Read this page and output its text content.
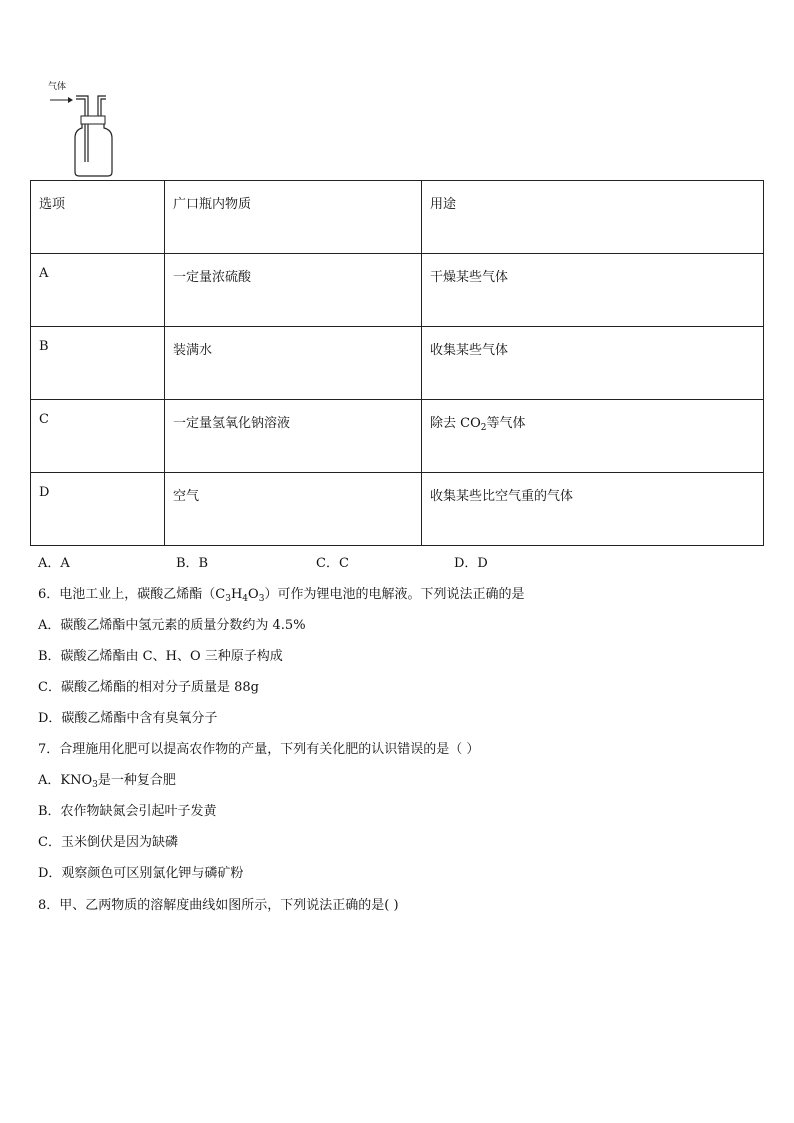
气体
选项	广口瓶内物质	用途
A	一定量浓硫酸	干燥某些气体
B	装满水	收集某些气体
C	一定量氢氧化钠溶液	除去 $CO_2$等气体
D	空气	收集某些比空气重的气体
A．A	B．B	C．C	D．D
6．电池工业上，碳酸乙烯酯$(C_3H_4O_3)$可作为锂电池的电解液。下列说法正确的是
A．碳酸乙烯酯中氢元素的质量分数约为 4.5%
B．碳酸乙烯酯由 C、H、O 三种原子构成
C．碳酸乙烯酯的相对分子质量是 88g
D．碳酸乙烯酯中含有臭氧分子
7．合理施用化肥可以提高农作物的产量，下列有关化肥的认识错误的是（ ）
A．$KNO_3$是一种复合肥
B．农作物缺氮会引起叶子发黄
C．玉米倒伏是因为缺磷
D．观察颜色可区别氯化钾与磷矿粉
8．甲、乙两物质的溶解度曲线如图所示，下列说法正确的是( )
